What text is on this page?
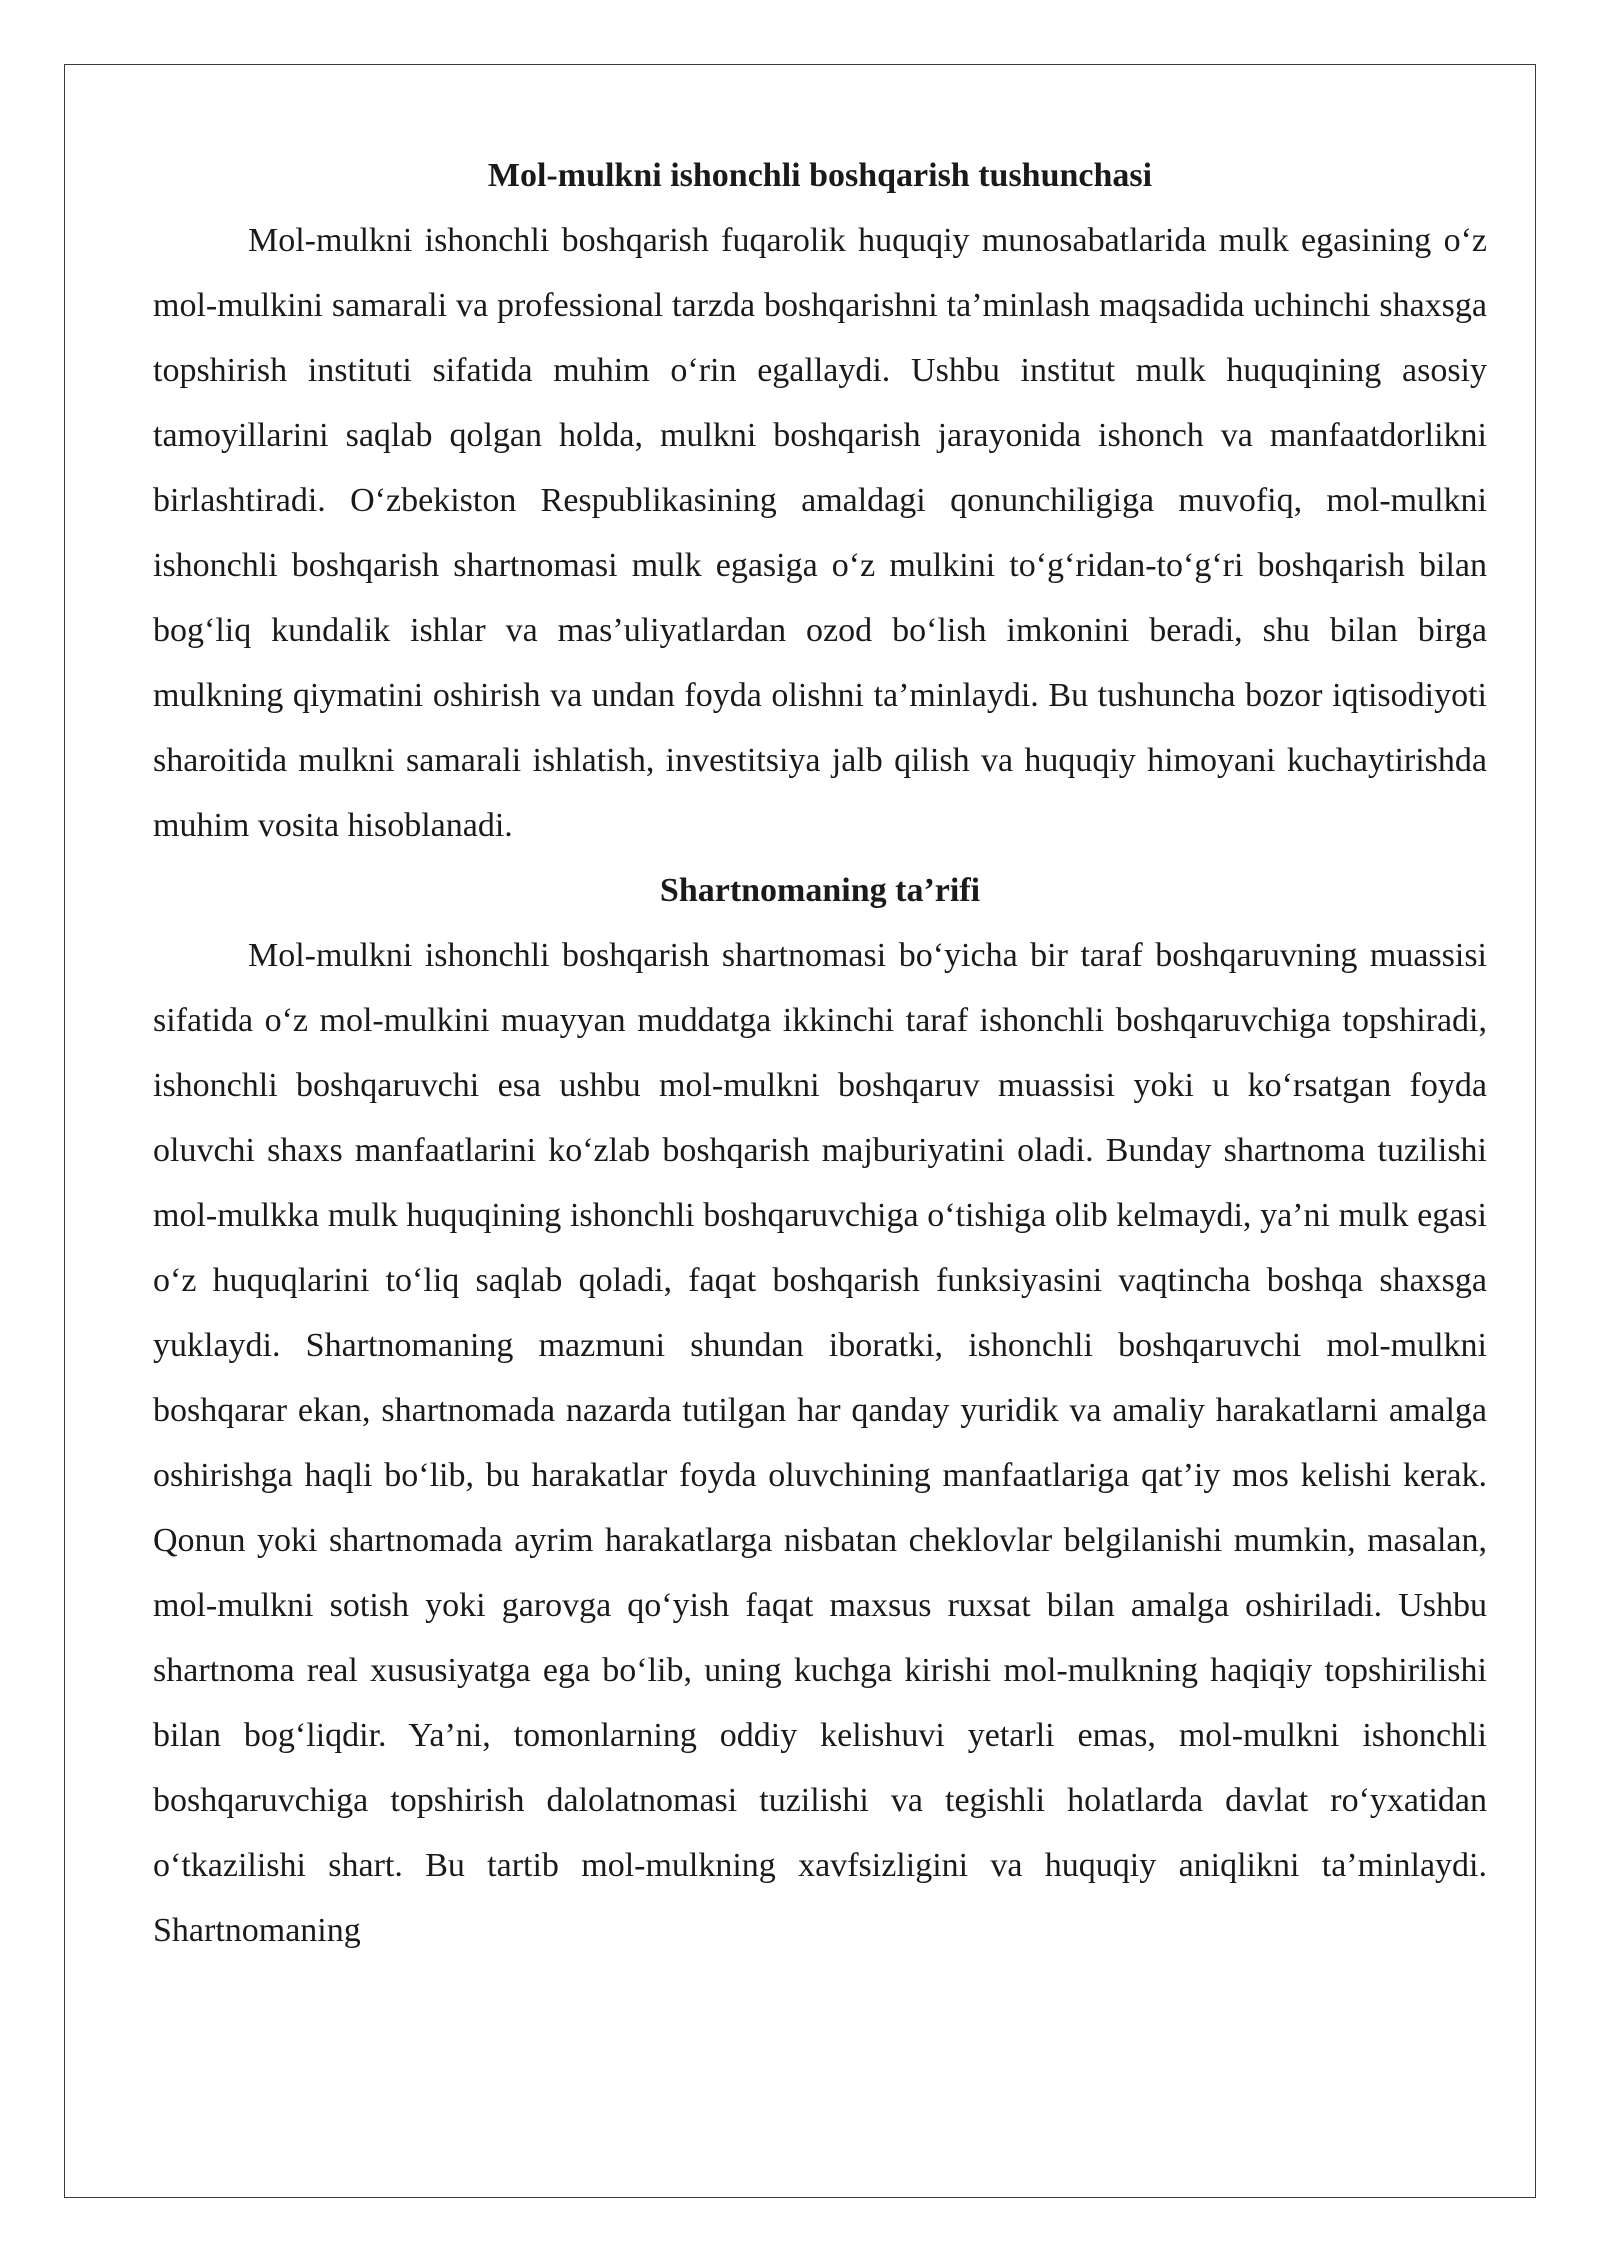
Mol-mulkni ishonchli boshqarish tushunchasi

Mol-mulkni ishonchli boshqarish fuqarolik huquqiy munosabatlarida mulk egasining o‘z mol-mulkini samarali va professional tarzda boshqarishni ta’minlash maqsadida uchinchi shaxsga topshirish instituti sifatida muhim o‘rin egallaydi. Ushbu institut mulk huquqining asosiy tamoyillarini saqlab qolgan holda, mulkni boshqarish jarayonida ishonch va manfaatdorlikni birlashtiradi. O‘zbekiston Respublikasining amaldagi qonunchiligiga muvofiq, mol-mulkni ishonchli boshqarish shartnomasi mulk egasiga o‘z mulkini to‘g‘ridan-to‘g‘ri boshqarish bilan bog‘liq kundalik ishlar va mas’uliyatlardan ozod bo‘lish imkonini beradi, shu bilan birga mulkning qiymatini oshirish va undan foyda olishni ta’minlaydi. Bu tushuncha bozor iqtisodiyoti sharoitida mulkni samarali ishlatish, investitsiya jalb qilish va huquqiy himoyani kuchaytirishda muhim vosita hisoblanadi.

Shartnomaning ta’rifi

Mol-mulkni ishonchli boshqarish shartnomasi bo‘yicha bir taraf boshqaruvning muassisi sifatida o‘z mol-mulkini muayyan muddatga ikkinchi taraf ishonchli boshqaruvchiga topshiradi, ishonchli boshqaruvchi esa ushbu mol-mulkni boshqaruv muassisi yoki u ko‘rsatgan foyda oluvchi shaxs manfaatlarini ko‘zlab boshqarish majburiyatini oladi. Bunday shartnoma tuzilishi mol-mulkka mulk huquqining ishonchli boshqaruvchiga o‘tishiga olib kelmaydi, ya’ni mulk egasi o‘z huquqlarini to‘liq saqlab qoladi, faqat boshqarish funksiyasini vaqtincha boshqa shaxsga yuklaydi. Shartnomaning mazmuni shundan iboratki, ishonchli boshqaruvchi mol-mulkni boshqarar ekan, shartnomada nazarda tutilgan har qanday yuridik va amaliy harakatlarni amalga oshirishga haqli bo‘lib, bu harakatlar foyda oluvchining manfaatlariga qat’iy mos kelishi kerak. Qonun yoki shartnomada ayrim harakatlarga nisbatan cheklovlar belgilanishi mumkin, masalan, mol-mulkni sotish yoki garovga qo‘yish faqat maxsus ruxsat bilan amalga oshiriladi. Ushbu shartnoma real xususiyatga ega bo‘lib, uning kuchga kirishi mol-mulkning haqiqiy topshirilishi bilan bog‘liqdir. Ya’ni, tomonlarning oddiy kelishuvi yetarli emas, mol-mulkni ishonchli boshqaruvchiga topshirish dalolatnomasi tuzilishi va tegishli holatlarda davlat ro‘yxatidan o‘tkazilishi shart. Bu tartib mol-mulkning xavfsizligini va huquqiy aniqlikni ta’minlaydi. Shartnomaning
